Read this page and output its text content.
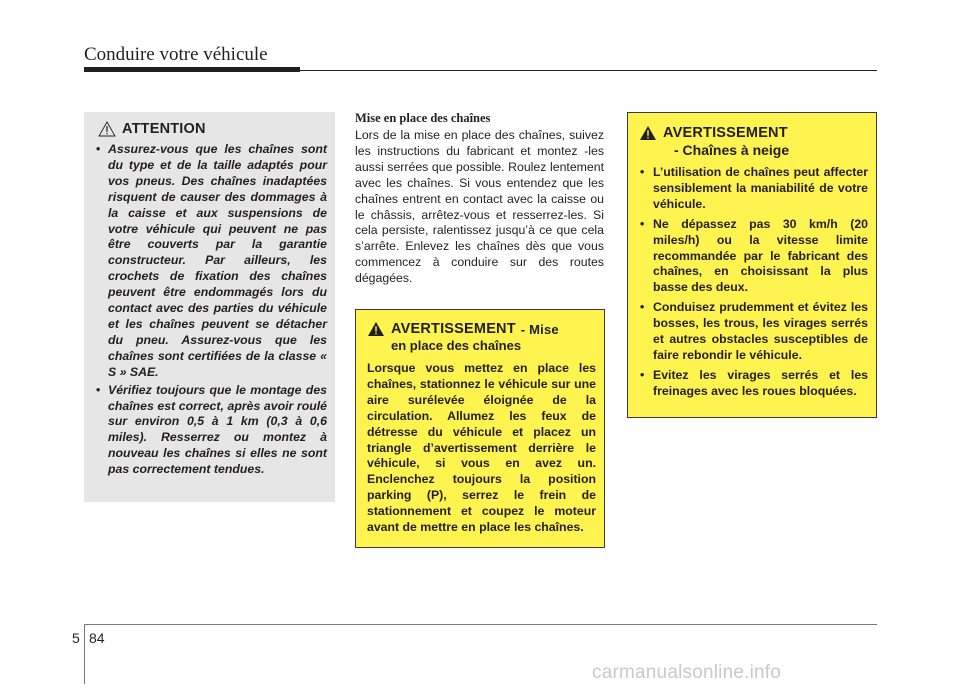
Conduire votre véhicule
ATTENTION
• Assurez-vous que les chaînes sont du type et de la taille adaptés pour vos pneus. Des chaînes inadaptées risquent de causer des dommages à la caisse et aux suspensions de votre véhicule qui peuvent ne pas être couverts par la garantie constructeur. Par ailleurs, les crochets de fixation des chaînes peuvent être endommagés lors du contact avec des parties du véhicule et les chaînes peuvent se détacher du pneu. Assurez-vous que les chaînes sont certifiées de la classe « S » SAE.
• Vérifiez toujours que le montage des chaînes est correct, après avoir roulé sur environ 0,5 à 1 km (0,3 à 0,6 miles). Resserrez ou montez à nouveau les chaînes si elles ne sont pas correctement tendues.
Mise en place des chaînes
Lors de la mise en place des chaînes, suivez les instructions du fabricant et montez -les aussi serrées que possible. Roulez lentement avec les chaînes. Si vous entendez que les chaînes entrent en contact avec la caisse ou le châssis, arrêtez-vous et resserrez-les. Si cela persiste, ralentissez jusqu’à ce que cela s’arrête. Enlevez les chaînes dès que vous commencez à conduire sur des routes dégagées.
AVERTISSEMENT - Mise
en place des chaînes
Lorsque vous mettez en place les chaînes, stationnez le véhicule sur une aire surélevée éloignée de la circulation. Allumez les feux de détresse du véhicule et placez un triangle d’avertissement derrière le véhicule, si vous en avez un. Enclenchez toujours la position parking (P), serrez le frein de stationnement et coupez le moteur avant de mettre en place les chaînes.
AVERTISSEMENT
- Chaînes à neige
• L’utilisation de chaînes peut affecter sensiblement la maniabilité de votre véhicule.
• Ne dépassez pas 30 km/h (20 miles/h) ou la vitesse limite recommandée par le fabricant des chaînes, en choisissant la plus basse des deux.
• Conduisez prudemment et évitez les bosses, les trous, les virages serrés et autres obstacles susceptibles de faire rebondir le véhicule.
• Evitez les virages serrés et les freinages avec les roues bloquées.
5 84
carmanualsonline.info
